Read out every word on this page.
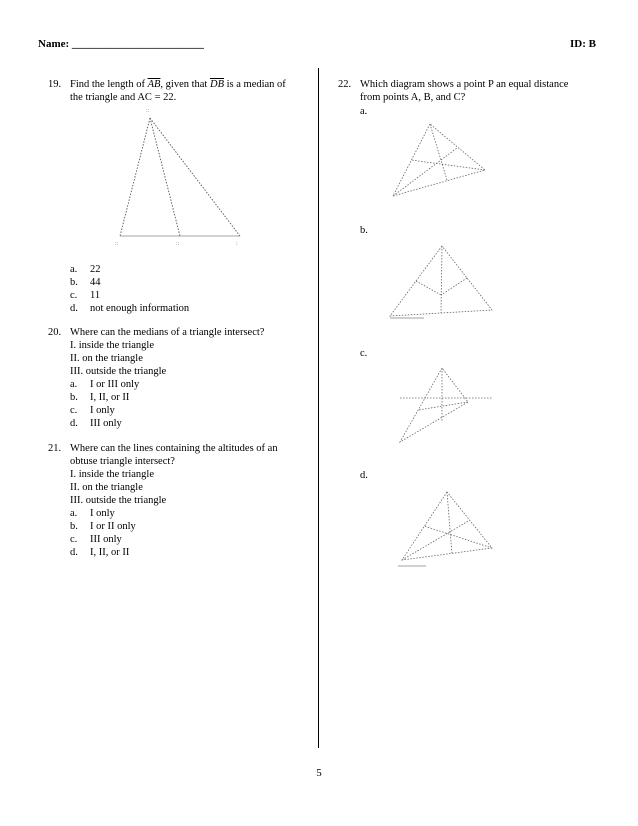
Name: ________________________	ID: B
5
19. Find the length of $\overline{AB}$, given that $\overline{DB}$ is a median of
the triangle and AC = 22.
::
::	::	:
a. 22
b. 44
c. 11
d. not enough information
20. Where can the medians of a triangle intersect?
I. inside the triangle
II. on the triangle
III. outside the triangle
a. I or III only
b. I, II, or II
c. I only
d. III only
21. Where can the lines containing the altitudes of an
obtuse triangle intersect?
I. inside the triangle
II. on the triangle
III. outside the triangle
a. I only
b. I or II only
c. III only
d. I, II, or II
22. Which diagram shows a point P an equal distance
from points A, B, and C?
a.
b.
c.
d.
